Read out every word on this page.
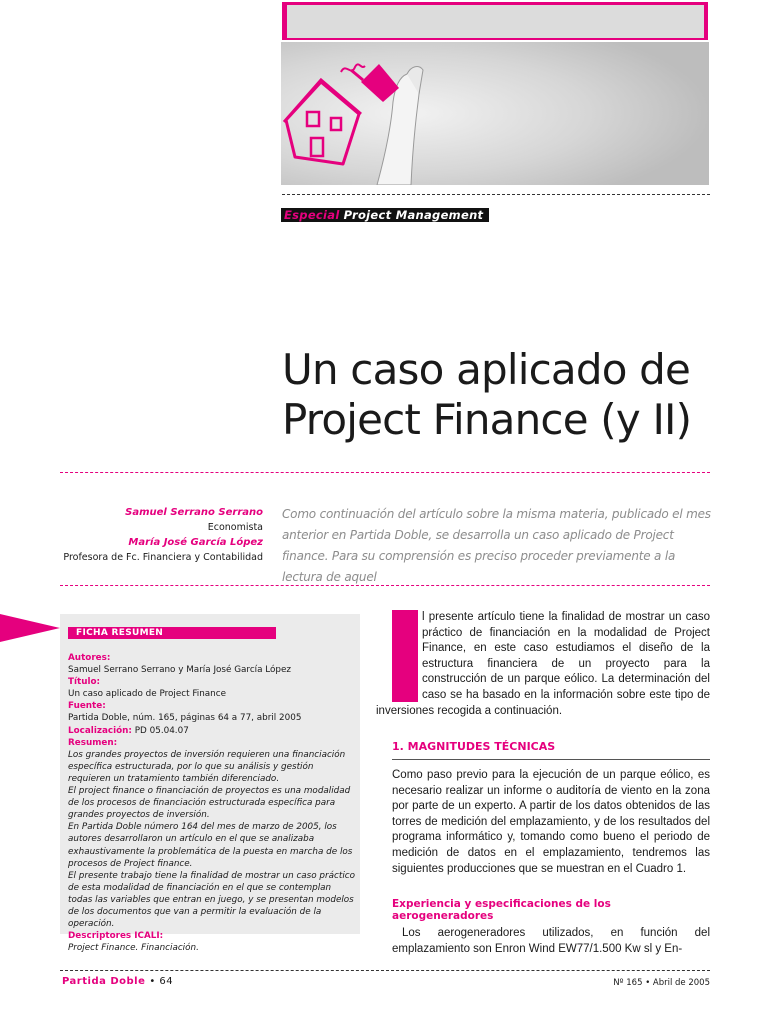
Especial Project Management
Un caso aplicado de
Project Finance (y II)
Samuel Serrano Serrano
Economista
María José García López
Profesora de Fc. Financiera y Contabilidad
Como continuación del artículo sobre la misma materia, publicado el mes anterior en Partida Doble, se desarrolla un caso aplicado de Project finance. Para su comprensión es preciso proceder previamente a la lectura de aquel
FICHA RESUMEN
Autores:
Samuel Serrano Serrano y María José García López
Título:
Un caso aplicado de Project Finance
Fuente:
Partida Doble, núm. 165, páginas 64 a 77, abril 2005
Localización: PD 05.04.07
Resumen:
Los grandes proyectos de inversión requieren una financiación específica estructurada, por lo que su análisis y gestión requieren un tratamiento también diferenciado.
El project finance o financiación de proyectos es una modalidad de los procesos de financiación estructurada específica para grandes proyectos de inversión.
En Partida Doble número 164 del mes de marzo de 2005, los autores desarrollaron un artículo en el que se analizaba exhaustivamente la problemática de la puesta en marcha de los procesos de Project finance.
El presente trabajo tiene la finalidad de mostrar un caso práctico de esta modalidad de financiación en el que se contemplan todas las variables que entran en juego, y se presentan modelos de los documentos que van a permitir la evaluación de la operación.
Descriptores ICALI:
Project Finance. Financiación.
l presente artículo tiene la finalidad de mostrar un caso práctico de financiación en la modalidad de Project Finance, en este caso estudiamos el diseño de la estructura financiera de un proyecto para la construcción de un parque eólico. La determinación del caso se ha basado en la información sobre este tipo de inversiones recogida a continuación.
1. MAGNITUDES TÉCNICAS
Como paso previo para la ejecución de un parque eólico, es necesario realizar un informe o auditoría de viento en la zona por parte de un experto. A partir de los datos obtenidos de las torres de medición del emplazamiento, y de los resultados del programa informático y, tomando como bueno el periodo de medición de datos en el emplazamiento, tendremos las siguientes producciones que se muestran en el Cuadro 1.
Experiencia y especificaciones de los aerogeneradores
Los aerogeneradores utilizados, en función del emplazamiento son Enron Wind EW77/1.500 Kw sl y En-
Partida Doble • 64	Nº 165 • Abril de 2005
